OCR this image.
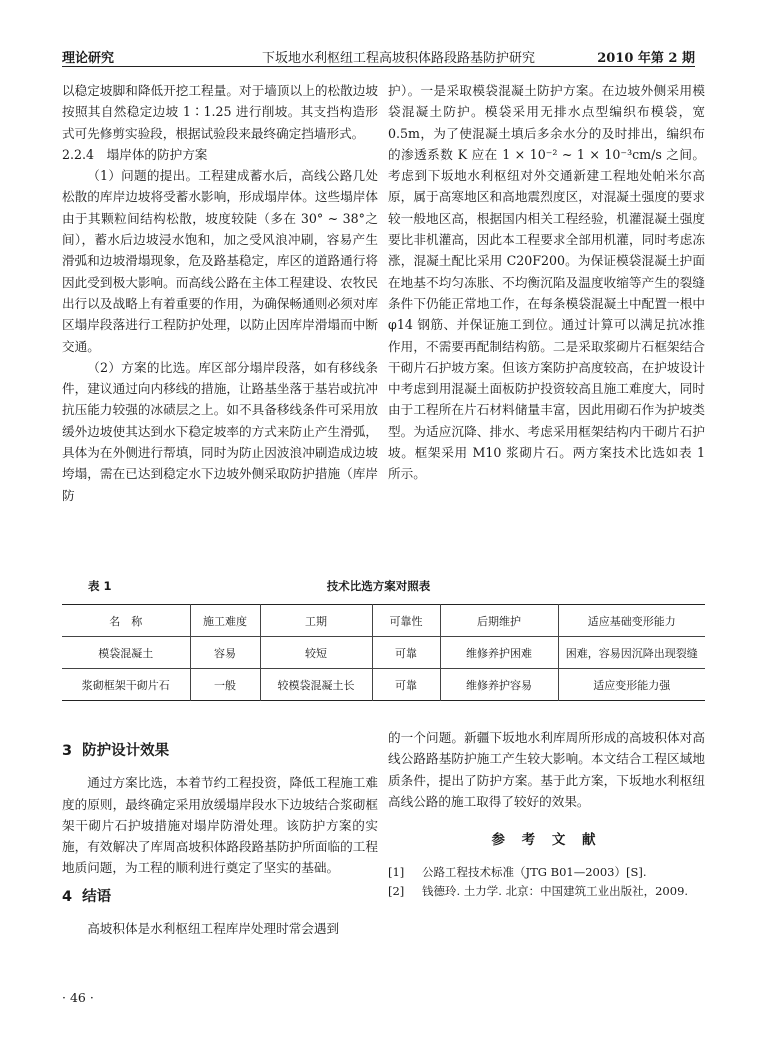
理论研究	下坂地水利枢纽工程高坡积体路段路基防护研究	2010 年第 2 期

以稳定坡脚和降低开挖工程量。对于墙顶以上的松散边坡按照其自然稳定边坡 1∶1.25 进行削坡。其支挡构造形式可先修剪实验段，根据试验段来最终确定挡墙形式。

2.2.4　塌岸体的防护方案

（1）问题的提出。工程建成蓄水后，高线公路几处松散的库岸边坡将受蓄水影响，形成塌岸体。这些塌岸体由于其颗粒间结构松散，坡度较陡（多在 30° ~ 38°之间），蓄水后边坡浸水饱和，加之受风浪冲刷，容易产生滑弧和边坡滑塌现象，危及路基稳定，库区的道路通行将因此受到极大影响。而高线公路在主体工程建设、农牧民出行以及战略上有着重要的作用，为确保畅通则必须对库区塌岸段落进行工程防护处理，以防止因库岸滑塌而中断交通。

（2）方案的比选。库区部分塌岸段落，如有移线条件，建议通过向内移线的措施，让路基坐落于基岩或抗冲抗压能力较强的冰碛层之上。如不具备移线条件可采用放缓外边坡使其达到水下稳定坡率的方式来防止产生滑弧，具体为在外侧进行帮填，同时为防止因波浪冲刷造成边坡垮塌，需在已达到稳定水下边坡外侧采取防护措施（库岸防

护）。一是采取模袋混凝土防护方案。在边坡外侧采用模袋混凝土防护。模袋采用无排水点型编织布模袋，宽 0.5m，为了使混凝土填后多余水分的及时排出，编织布的渗透系数 K 应在 1 × 10⁻² ~ 1 × 10⁻³cm/s 之间。考虑到下坂地水利枢纽对外交通新建工程地处帕米尔高原，属于高寒地区和高地震烈度区，对混凝土强度的要求较一般地区高，根据国内相关工程经验，机灌混凝土强度要比非机灌高，因此本工程要求全部用机灌，同时考虑冻涨，混凝土配比采用 C20F200。为保证模袋混凝土护面在地基不均匀冻胀、不均衡沉陷及温度收缩等产生的裂缝条件下仍能正常地工作，在每条模袋混凝土中配置一根中 φ14 钢筋、并保证施工到位。通过计算可以满足抗冰推作用，不需要再配制结构筋。二是采取浆砌片石框架结合干砌片石护坡方案。但该方案防护高度较高，在护坡设计中考虑到用混凝土面板防护投资较高且施工难度大，同时由于工程所在片石材料储量丰富，因此用砌石作为护坡类型。为适应沉降、排水、考虑采用框架结构内干砌片石护坡。框架采用 M10 浆砌片石。两方案技术比选如表 1 所示。

表 1	技术比选方案对照表
名　称	施工难度	工期	可靠性	后期维护	适应基础变形能力
模袋混凝土	容易	较短	可靠	维修养护困难	困难，容易因沉降出现裂缝
浆砌框架干砌片石	一般	较模袋混凝土长	可靠	维修养护容易	适应变形能力强
3 防护设计效果

通过方案比选，本着节约工程投资，降低工程施工难度的原则，最终确定采用放缓塌岸段水下边坡结合浆砌框架干砌片石护坡措施对塌岸防滑处理。该防护方案的实施，有效解决了库周高坡积体路段路基防护所面临的工程地质问题，为工程的顺利进行奠定了坚实的基础。

4 结语

高坡积体是水利枢纽工程库岸处理时常会遇到

的一个问题。新疆下坂地水利库周所形成的高坡积体对高线公路路基防护施工产生较大影响。本文结合工程区域地质条件，提出了防护方案。基于此方案，下坂地水利枢纽高线公路的施工取得了较好的效果。

参 考 文 献
[1]	公路工程技术标准（JTG B01—2003）[S].
[2]	钱德玲. 土力学. 北京：中国建筑工业出版社，2009.
· 46 ·
